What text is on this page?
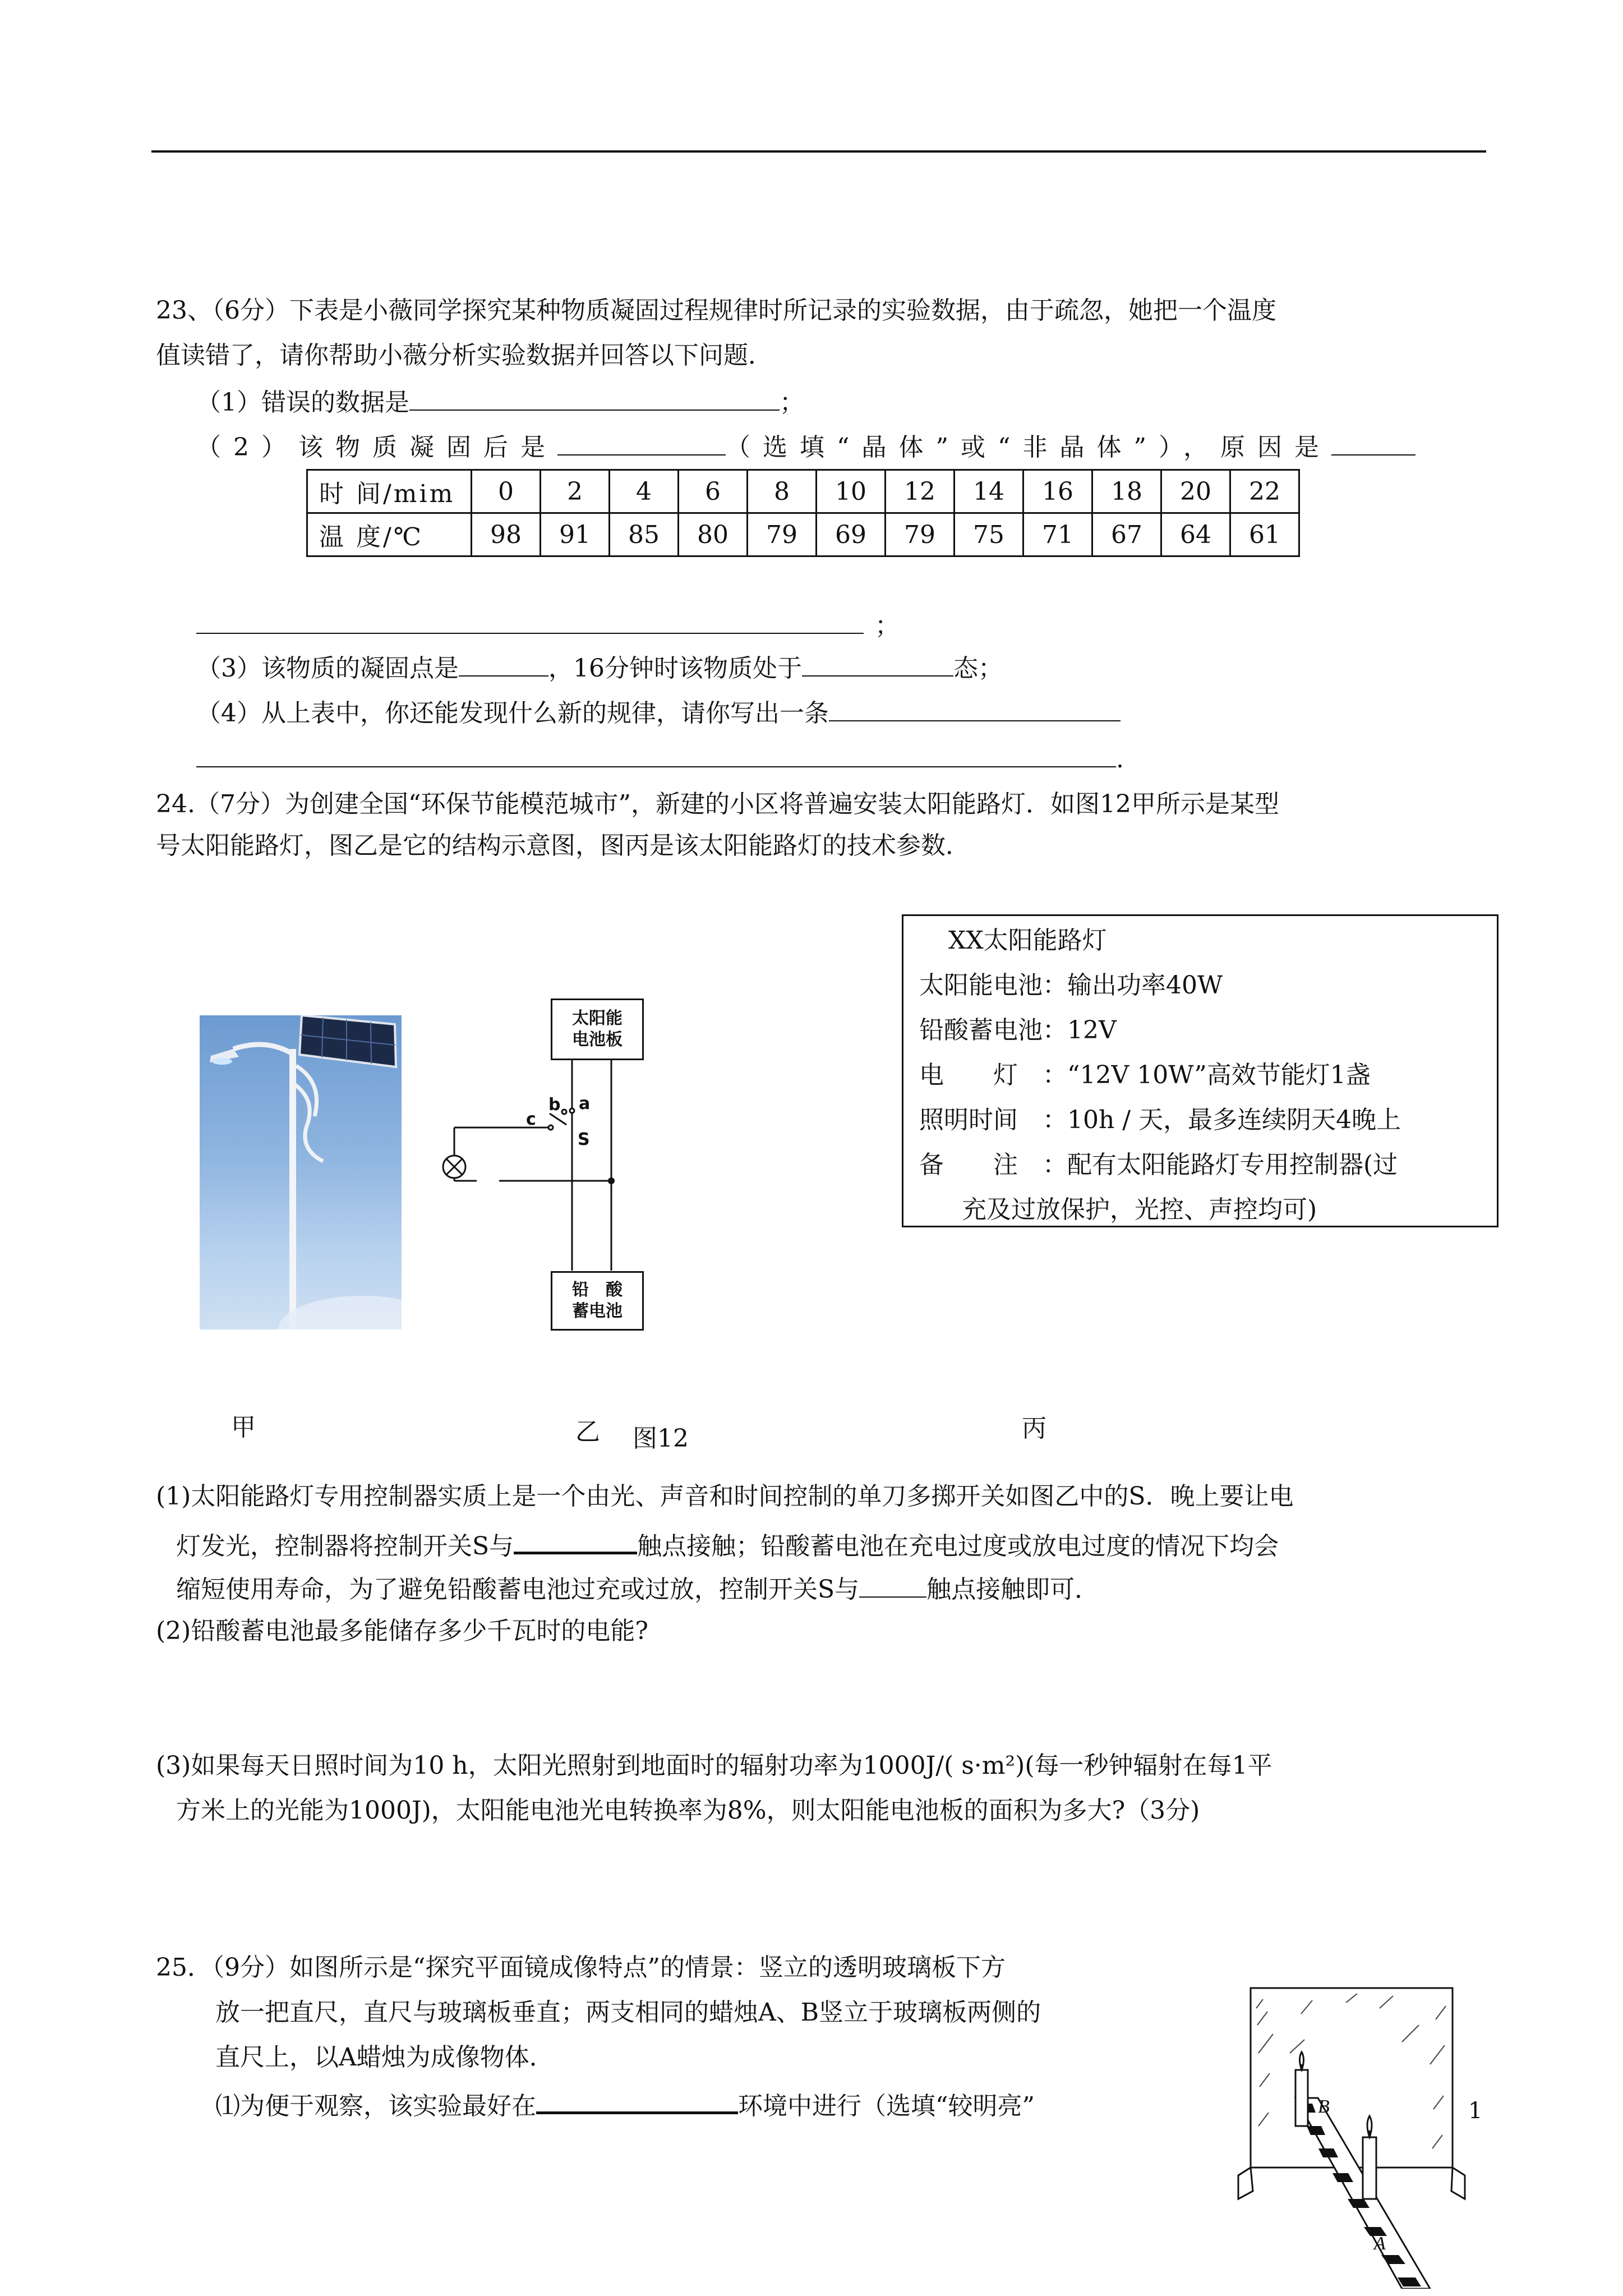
23、（6分）下表是小薇同学探究某种物质凝固过程规律时所记录的实验数据，由于疏忽，她把一个温度
值读错了，请你帮助小薇分析实验数据并回答以下问题．
（1）错误的数据是	；
（2）该物质凝固后是	（选填“晶体”或“非晶体”），原因是
时 间/mim	0	2	4	6	8	10	12	14	16	18	20	22
温 度/℃	98	91	85	80	79	69	79	75	71	67	64	61
；
（3）该物质的凝固点是	，16分钟时该物质处于	态；
（4）从上表中，你还能发现什么新的规律，请你写出一条
.
24.（7分）为创建全国“环保节能模范城市”，新建的小区将普遍安装太阳能路灯．如图12甲所示是某型
号太阳能路灯，图乙是它的结构示意图，图丙是该太阳能路灯的技术参数．
太阳能
电池板
铅　酸
蓄电池
b a
c
S
XX太阳能路灯
太阳能电池：输出功率40W
铅酸蓄电池：12V
电　　灯　：“12V 10W”高效节能灯1盏
照明时间　：10h / 天，最多连续阴天4晚上
备　　注　：配有太阳能路灯专用控制器(过
　充及过放保护，光控、声控均可)
甲	乙 图12	丙
(1)太阳能路灯专用控制器实质上是一个由光、声音和时间控制的单刀多掷开关如图乙中的S．晚上要让电
灯发光，控制器将控制开关S与	触点接触；铅酸蓄电池在充电过度或放电过度的情况下均会
缩短使用寿命，为了避免铅酸蓄电池过充或过放，控制开关S与	触点接触即可．
(2)铅酸蓄电池最多能储存多少千瓦时的电能?
(3)如果每天日照时间为10 h，太阳光照射到地面时的辐射功率为1000J/( s·m²)(每一秒钟辐射在每1平
方米上的光能为1000J)，太阳能电池光电转换率为8%，则太阳能电池板的面积为多大?（3分)
25．（9分）如图所示是“探究平面镜成像特点”的情景：竖立的透明玻璃板下方
放一把直尺，直尺与玻璃板垂直；两支相同的蜡烛A、B竖立于玻璃板两侧的
直尺上，以A蜡烛为成像物体．
⑴为便于观察，该实验最好在	环境中进行（选填“较明亮”	B
A
1
